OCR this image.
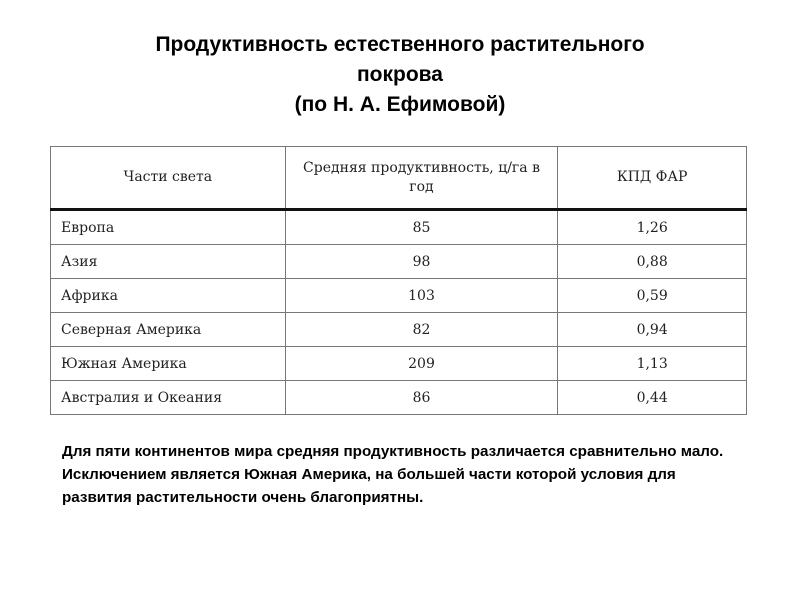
Продуктивность естественного растительного
покрова
(по Н. А. Ефимовой)
Части света	Средняя продуктивность, ц/га в год	КПД ФАР
Европа	85	1,26
Азия	98	0,88
Африка	103	0,59
Северная Америка	82	0,94
Южная Америка	209	1,13
Австралия и Океания	86	0,44

Для пяти континентов мира средняя продуктивность различается сравнительно мало. Исключением является Южная Америка, на большей части которой условия для развития растительности очень благоприятны.
